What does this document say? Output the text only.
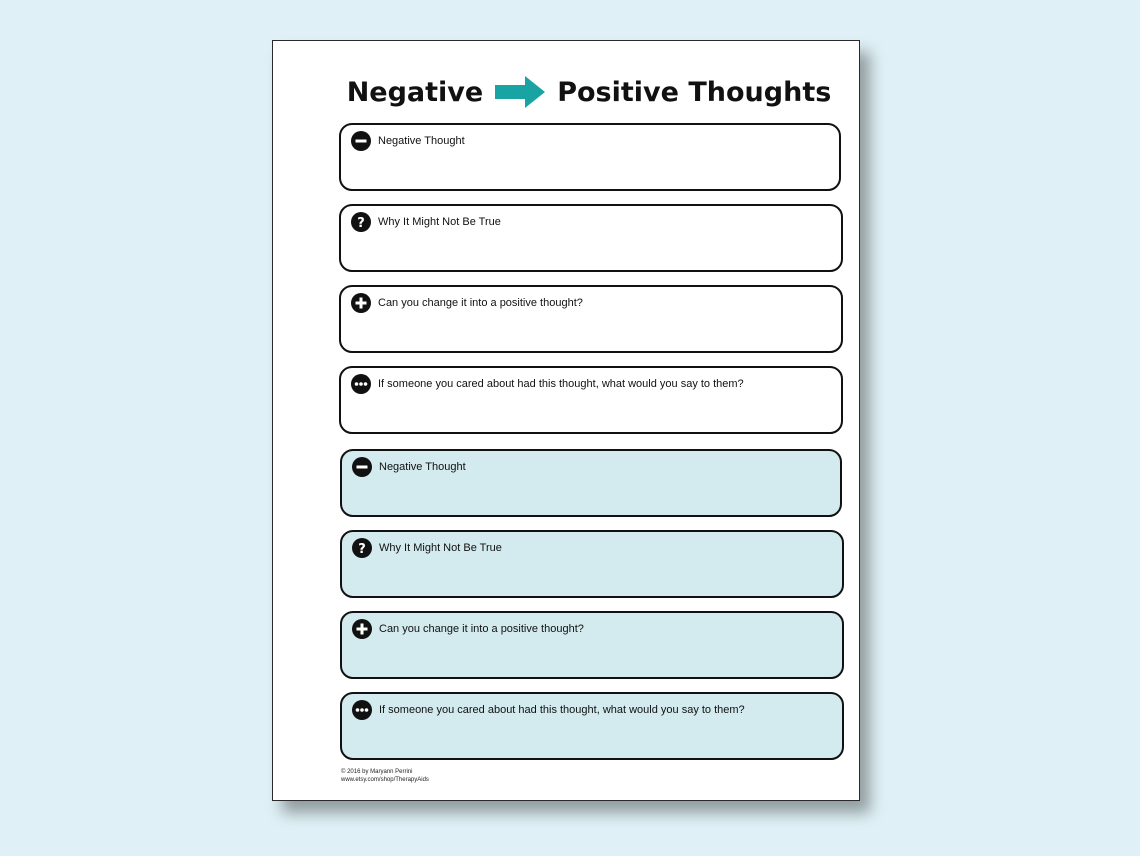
Negative	Positive Thoughts
Negative Thought
? Why It Might Not Be True
Can you change it into a positive thought?
If someone you cared about had this thought, what would you say to them?
Negative Thought
? Why It Might Not Be True
Can you change it into a positive thought?
If someone you cared about had this thought, what would you say to them?
© 2016 by Maryann Perrini
www.etsy.com/shop/TherapyAids
